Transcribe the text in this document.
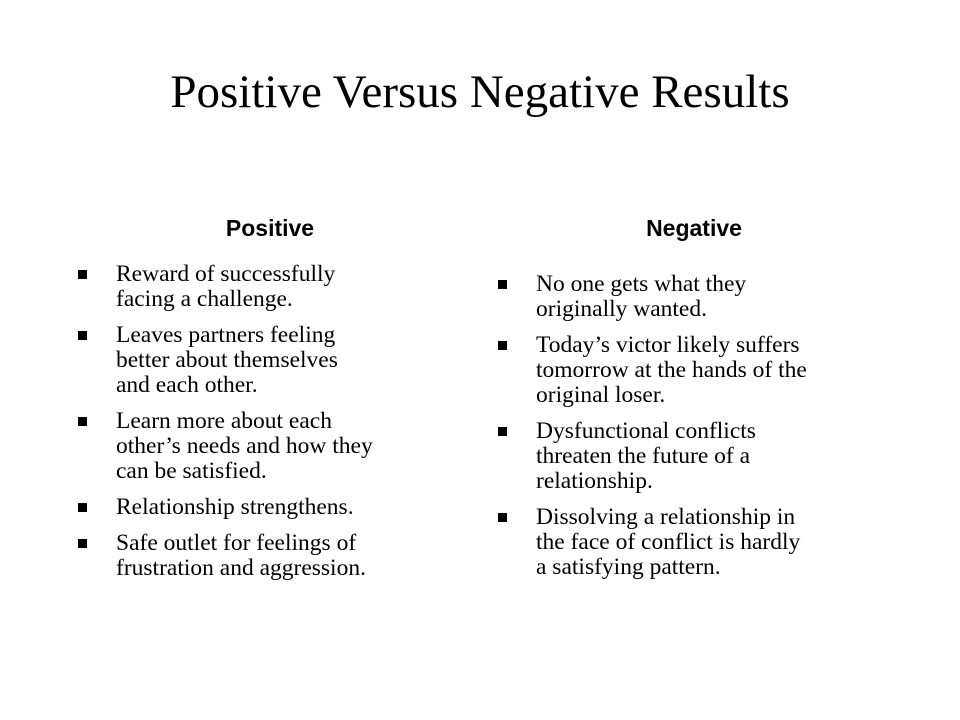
Positive Versus Negative Results
Positive	Negative
Reward of successfully
facing a challenge.
Leaves partners feeling
better about themselves
and each other.
Learn more about each
other’s needs and how they
can be satisfied.
Relationship strengthens.
Safe outlet for feelings of
frustration and aggression.
No one gets what they
originally wanted.
Today’s victor likely suffers
tomorrow at the hands of the
original loser.
Dysfunctional conflicts
threaten the future of a
relationship.
Dissolving a relationship in
the face of conflict is hardly
a satisfying pattern.
